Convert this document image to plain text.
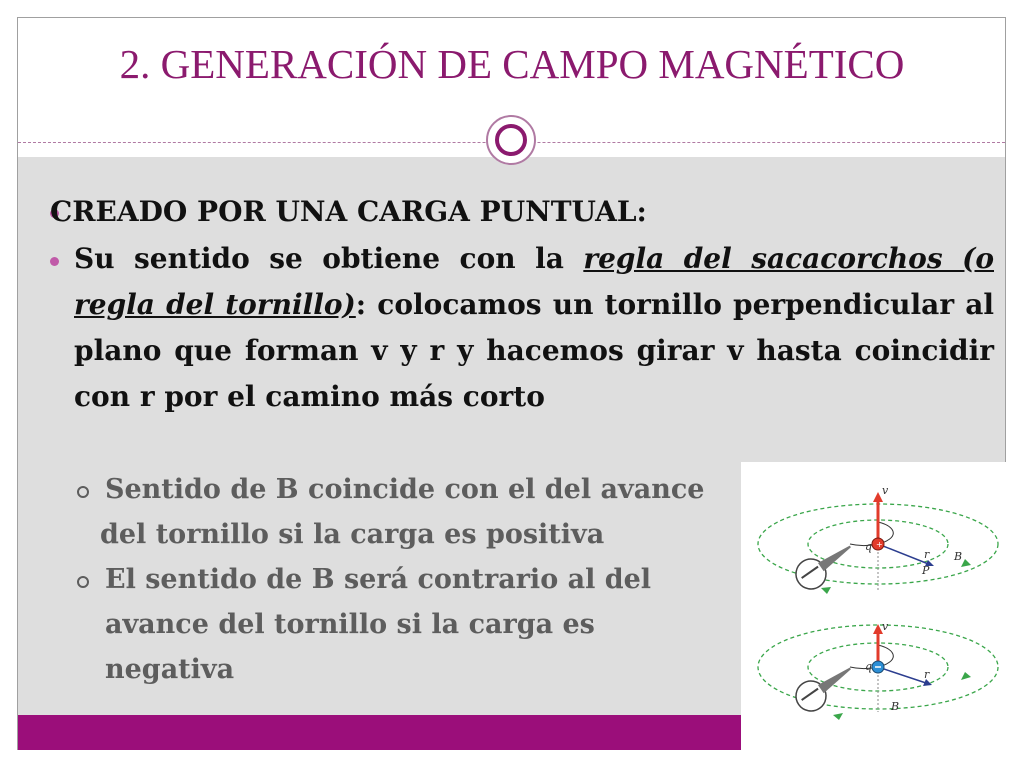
2. GENERACIÓN DE CAMPO MAGNÉTICO
CREADO POR UNA CARGA PUNTUAL:
Su sentido se obtiene con la regla del sacacorchos (o regla del tornillo): colocamos un tornillo perpendicular al plano que forman v y r y hacemos girar v hasta coincidir con r por el camino más corto
Sentido de B coincide con el del avance
del tornillo si la carga es positiva
El sentido de B será contrario al del
avance del tornillo si la carga es
negativa
+
v
q
r
P
B
v
q
r
B
